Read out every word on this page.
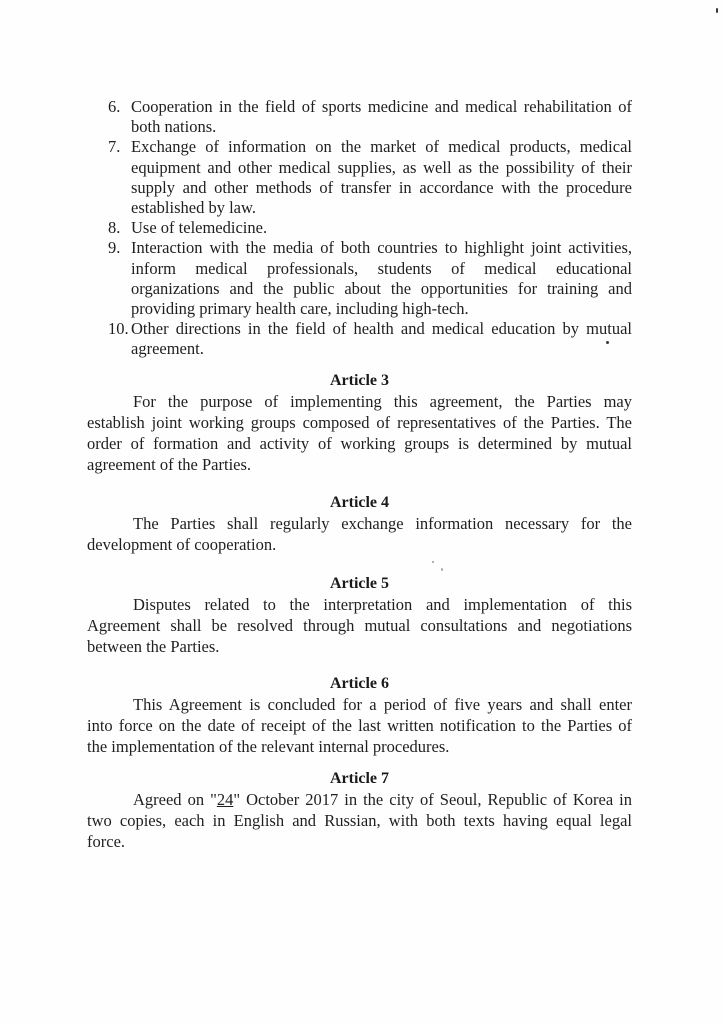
6. Cooperation in the field of sports medicine and medical rehabilitation of
both nations.
7. Exchange of information on the market of medical products, medical
equipment and other medical supplies, as well as the possibility of their
supply and other methods of transfer in accordance with the procedure
established by law.
8. Use of telemedicine.
9. Interaction with the media of both countries to highlight joint activities,
inform medical professionals, students of medical educational
organizations and the public about the opportunities for training and
providing primary health care, including high-tech.
10. Other directions in the field of health and medical education by mutual
agreement.
Article 3
For the purpose of implementing this agreement, the Parties may
establish joint working groups composed of representatives of the Parties. The
order of formation and activity of working groups is determined by mutual
agreement of the Parties.
Article 4
The Parties shall regularly exchange information necessary for the
development of cooperation.
Article 5
Disputes related to the interpretation and implementation of this
Agreement shall be resolved through mutual consultations and negotiations
between the Parties.
Article 6
This Agreement is concluded for a period of five years and shall enter
into force on the date of receipt of the last written notification to the Parties of
the implementation of the relevant internal procedures.
Article 7
Agreed on "24" October 2017 in the city of Seoul, Republic of Korea in
two copies, each in English and Russian, with both texts having equal legal
force.
